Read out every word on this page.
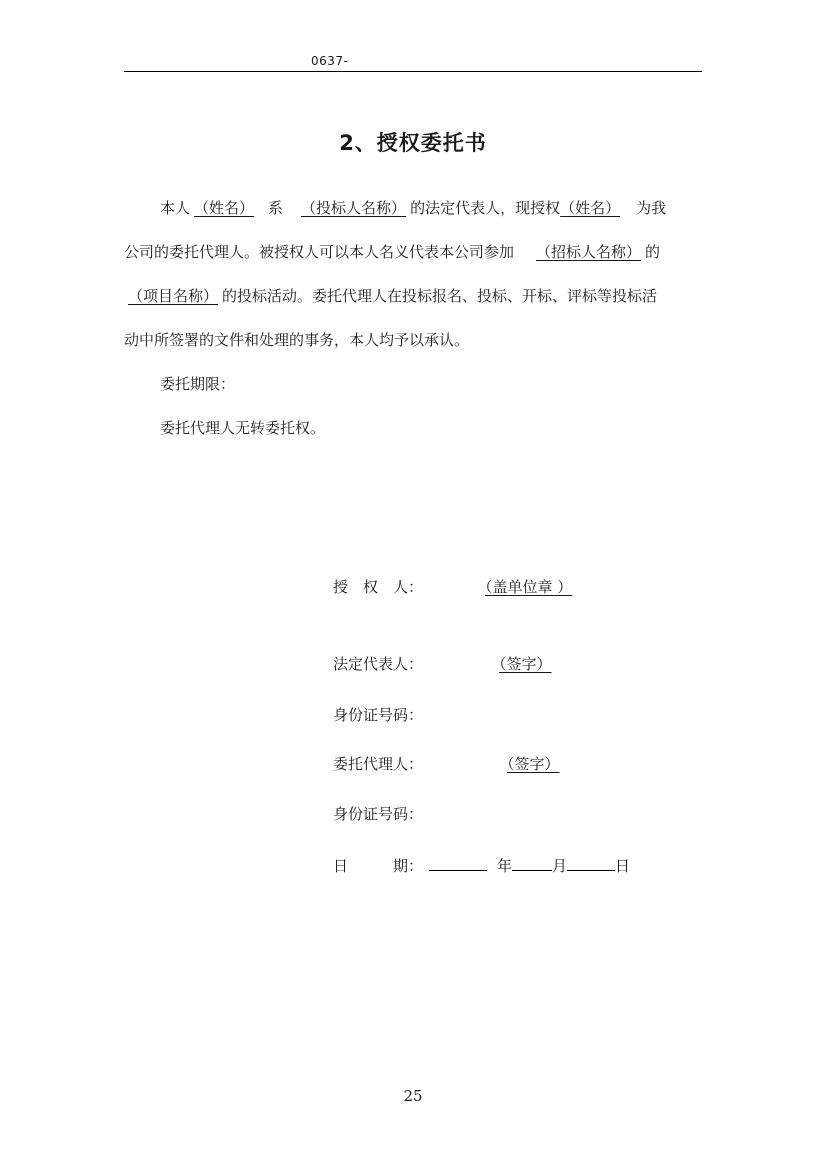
0637-
2、授权委托书
本人 （姓名） 系 （投标人名称） 的法定代表人，现授权（姓名） 为我
公司的委托代理人。被授权人可以本人名义代表本公司参加 （招标人名称） 的
（项目名称） 的投标活动。委托代理人在投标报名、投标、开标、评标等投标活
动中所签署的文件和处理的事务，本人均予以承认。
委托期限：
委托代理人无转委托权。
授　权　人：	（盖单位章 ）
法定代表人：	（签字）
身份证号码：
委托代理人：	（签字）
身份证号码：
日　　　期：	年	月	日
25
